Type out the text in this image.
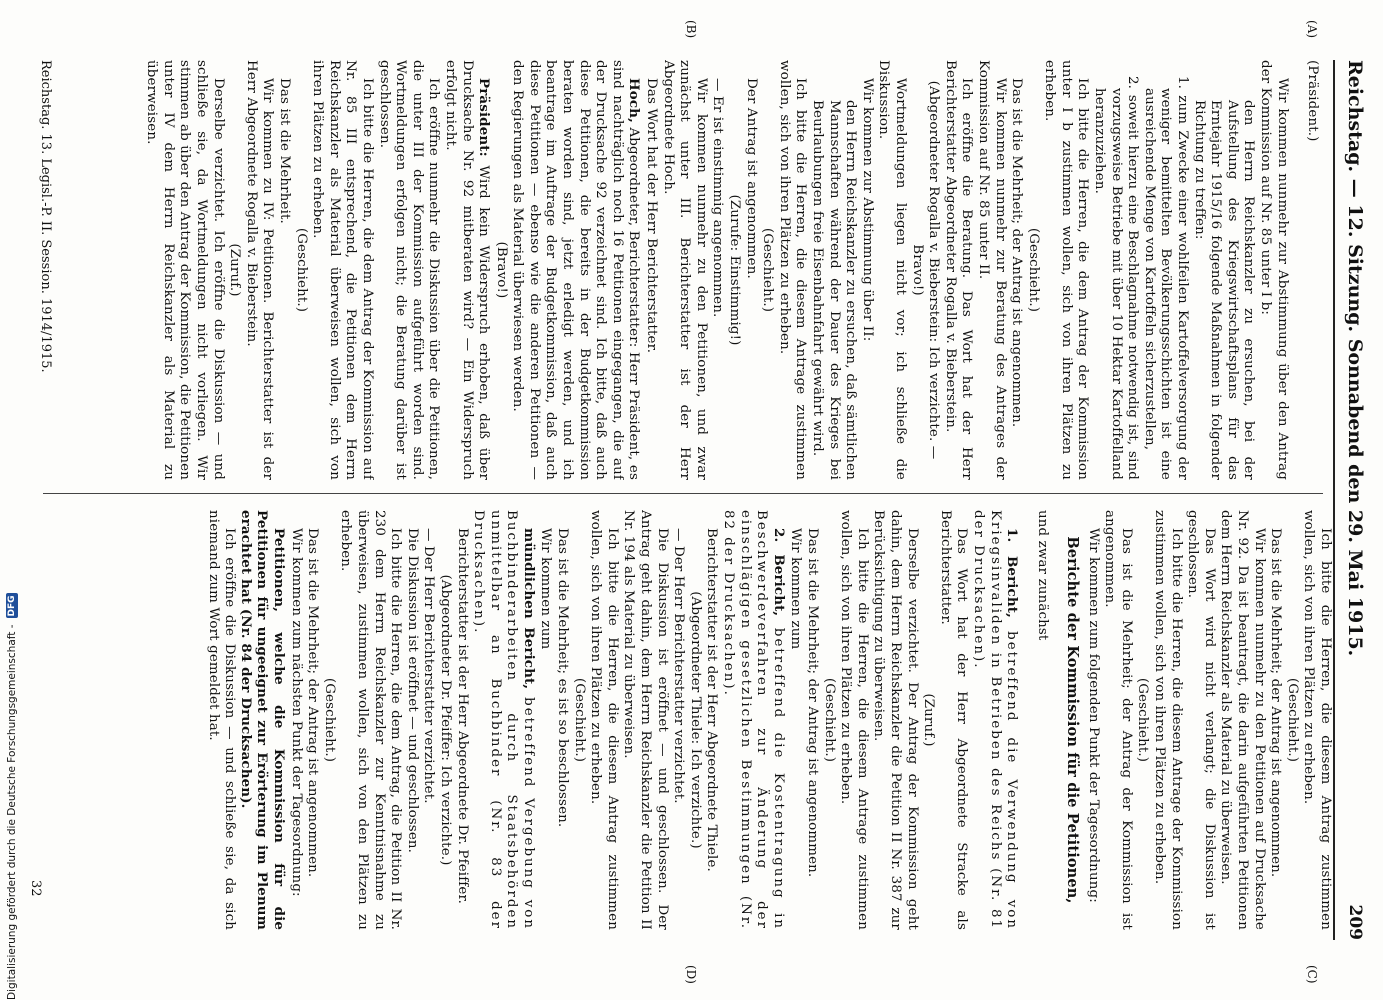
Reichstag. — 12. Sitzung. Sonnabend den 29. Mai 1915.
209

(Präsident.)

Wir kommen nunmehr zur Abstimmung über den Antrag der Kommission auf Nr. 85 unter I b:

den Herrn Reichskanzler zu ersuchen, bei der Aufstellung des Kriegswirtschaftsplans für das Erntejahr 1915/16 folgende Maßnahmen in folgender Richtung zu treffen:

1. zum Zwecke einer wohlfeilen Kartoffelversorgung der weniger bemittelten Bevölkerungsschichten ist eine ausreichende Menge von Kartoffeln sicherzustellen,

2. soweit hierzu eine Beschlagnahme notwendig ist, sind vorzugsweise Betriebe mit über 10 Hektar Kartoffelland heranzuziehen.

Ich bitte die Herren, die dem Antrag der Kommission unter I b zustimmen wollen, sich von ihren Plätzen zu erheben.

(Geschieht.)

Das ist die Mehrheit; der Antrag ist angenommen.

Wir kommen nunmehr zur Beratung des Antrages der Kommission auf Nr. 85 unter II.

Ich eröffne die Beratung. Das Wort hat der Herr Berichterstatter Abgeordneter Rogalla v. Bieberstein.

(Abgeordneter Rogalla v. Bieberstein: Ich verzichte. — Bravo!)

Wortmeldungen liegen nicht vor; ich schließe die Diskussion.

Wir kommen zur Abstimmung über II:

den Herrn Reichskanzler zu ersuchen, daß sämtlichen Mannschaften während der Dauer des Krieges bei Beurlaubungen freie Eisenbahnfahrt gewährt wird.

Ich bitte die Herren, die diesem Antrage zustimmen wollen, sich von ihren Plätzen zu erheben.

(Geschieht.)

Der Antrag ist angenommen.

(Zurufe: Einstimmig!)

— Er ist einstimmig angenommen.

Wir kommen nunmehr zu den Petitionen, und zwar zunächst unter III. Berichterstatter ist der Herr Abgeordnete Hoch.

Das Wort hat der Herr Berichterstatter.

Hoch, Abgeordneter, Berichterstatter: Herr Präsident, es sind nachträglich noch 16 Petitionen eingegangen, die auf der Drucksache 92 verzeichnet sind. Ich bitte, daß auch diese Petitionen, die bereits in der Budgetkommission beraten worden sind, jetzt erledigt werden, und ich beantrage im Auftrage der Budgetkommission, daß auch diese Petitionen — ebenso wie die anderen Petitionen — den Regierungen als Material überwiesen werden.

(Bravo!)

Präsident: Wird kein Widerspruch erhoben, daß über Drucksache Nr. 92 mitberaten wird? — Ein Widerspruch erfolgt nicht.

Ich eröffne nunmehr die Diskussion über die Petitionen, die unter III der Kommission aufgeführt worden sind. Wortmeldungen erfolgen nicht; die Beratung darüber ist geschlossen.

Ich bitte die Herren, die dem Antrag der Kommission auf Nr. 85 III entsprechend, die Petitionen dem Herrn Reichskanzler als Material überweisen wollen, sich von ihren Plätzen zu erheben.

(Geschieht.)

Das ist die Mehrheit.

Wir kommen zu IV: Petitionen. Berichterstatter ist der Herr Abgeordnete Rogalla v. Bieberstein.

(Zuruf.)

Derselbe verzichtet. Ich eröffne die Diskussion — und schließe sie, da Wortmeldungen nicht vorliegen. Wir stimmen ab über den Antrag der Kommission, die Petitionen unter IV dem Herrn Reichskanzler als Material zu überweisen.

(A)
(B)

Ich bitte die Herren, die diesem Antrag zustimmen wollen, sich von ihren Plätzen zu erheben.

(Geschieht.)

Das ist die Mehrheit; der Antrag ist angenommen.

Wir kommen nunmehr zu den Petitionen auf Drucksache Nr. 92. Da ist beantragt, die darin aufgeführten Petitionen dem Herrn Reichskanzler als Material zu überweisen.

Das Wort wird nicht verlangt; die Diskussion ist geschlossen.

Ich bitte die Herren, die diesem Antrage der Kommission zustimmen wollen, sich von ihren Plätzen zu erheben.

(Geschieht.)

Das ist die Mehrheit; der Antrag der Kommission ist angenommen.

Wir kommen zum folgenden Punkt der Tagesordnung:

Berichte der Kommission für die Petitionen,

und zwar zunächst

1. Bericht, betreffend die Verwendung von Kriegsinvaliden in Betrieben des Reichs (Nr. 81 der Drucksachen).

Das Wort hat der Herr Abgeordnete Stracke als Berichterstatter.

(Zuruf.)

Derselbe verzichtet. Der Antrag der Kommission geht dahin, dem Herrn Reichskanzler die Petition II Nr. 387 zur Berücksichtigung zu überweisen.

Ich bitte die Herren, die diesem Antrage zustimmen wollen, sich von ihren Plätzen zu erheben.

(Geschieht.)

Das ist die Mehrheit; der Antrag ist angenommen.

Wir kommen zum

2. Bericht, betreffend die Kostentragung in Beschwerdeverfahren zur Änderung der einschlägigen gesetzlichen Bestimmungen (Nr. 82 der Drucksachen).

Berichterstatter ist der Herr Abgeordnete Thiele.

(Abgeordneter Thiele: Ich verzichte.)

— Der Herr Berichterstatter verzichtet.

Die Diskussion ist eröffnet — und geschlossen. Der Antrag geht dahin, dem Herrn Reichskanzler die Petition II Nr. 194 als Material zu überweisen.

Ich bitte die Herren, die diesem Antrag zustimmen wollen, sich von ihren Plätzen zu erheben.

(Geschieht.)

Das ist die Mehrheit; es ist so beschlossen.

Wir kommen zum

mündlichen Bericht, betreffend Vergebung von Buchbinderarbeiten durch Staatsbehörden unmittelbar an Buchbinder (Nr. 83 der Drucksachen).

Berichterstatter ist der Herr Abgeordnete Dr. Pfeiffer.

(Abgeordneter Dr. Pfeiffer: Ich verzichte.)

— Der Herr Berichterstatter verzichtet.

Die Diskussion ist eröffnet — und geschlossen.

Ich bitte die Herren, die dem Antrag, die Petition II Nr. 230 dem Herrn Reichskanzler zur Kenntnisnahme zu überweisen, zustimmen wollen, sich von den Plätzen zu erheben.

(Geschieht.)

Das ist die Mehrheit; der Antrag ist angenommen.

Wir kommen zum nächsten Punkt der Tagesordnung:

Petitionen, welche die Kommission für die Petitionen für ungeeignet zur Erörterung im Plenum erachtet hat (Nr. 84 der Drucksachen).

Ich eröffne die Diskussion — und schließe sie, da sich niemand zum Wort gemeldet hat.

(C)
(D)
Reichstag. 13. Legisl.-P. II. Session. 1914/1915.
32
Digitalisierung gefördert durch die Deutsche Forschungsgemeinschaft -
DFG
